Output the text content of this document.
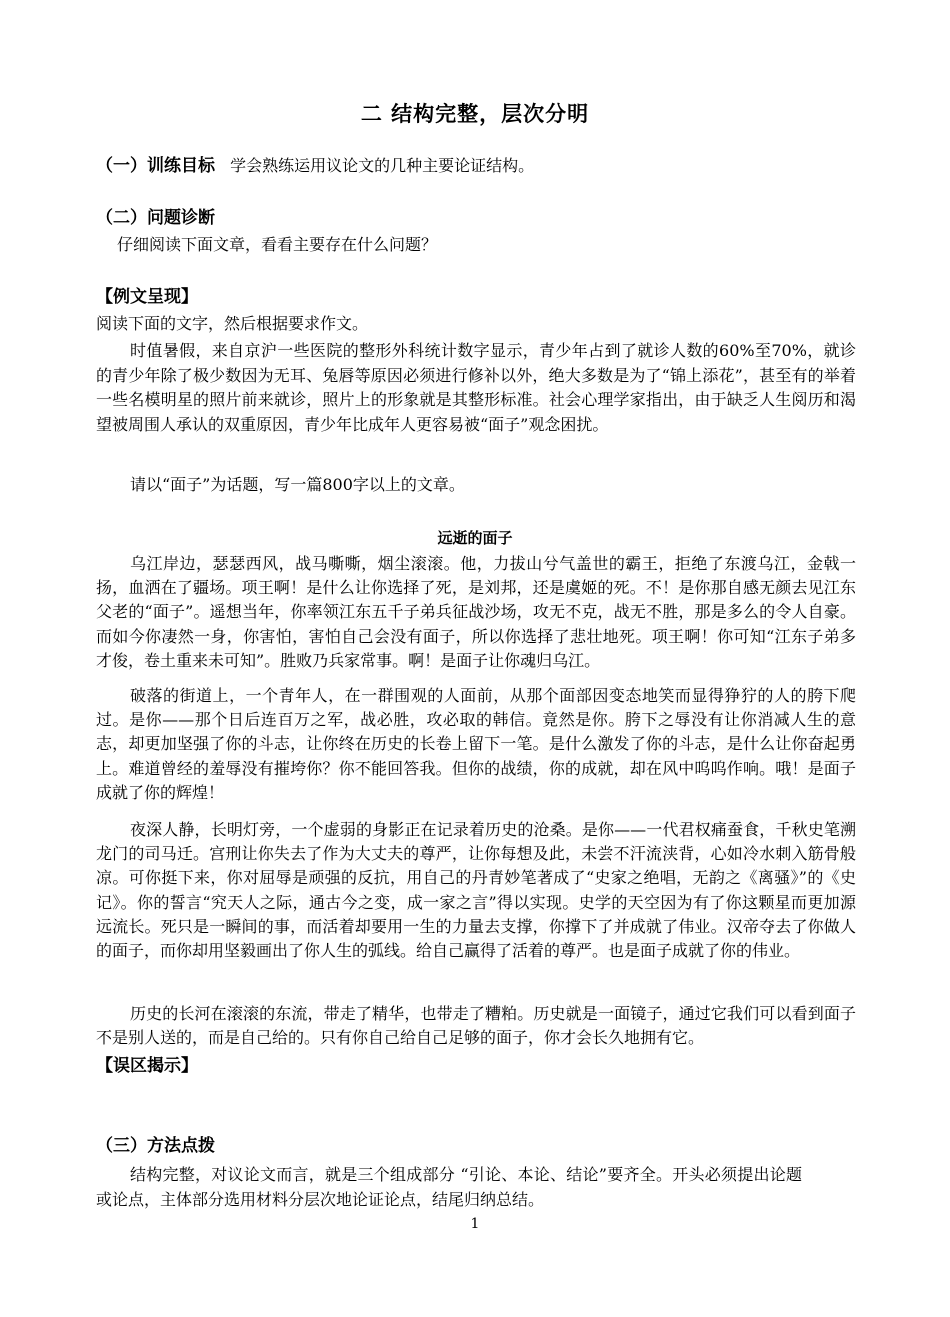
二 结构完整，层次分明
（一）训练目标 学会熟练运用议论文的几种主要论证结构。
（二）问题诊断
仔细阅读下面文章，看看主要存在什么问题？
【例文呈现】
阅读下面的文字，然后根据要求作文。

时值暑假，来自京沪一些医院的整形外科统计数字显示，青少年占到了就诊人数的60%至70%，就诊的青少年除了极少数因为无耳、兔唇等原因必须进行修补以外，绝大多数是为了“锦上添花”，甚至有的举着一些名模明星的照片前来就诊，照片上的形象就是其整形标准。社会心理学家指出，由于缺乏人生阅历和渴望被周围人承认的双重原因，青少年比成年人更容易被“面子”观念困扰。

请以“面子”为话题，写一篇800字以上的文章。

远逝的面子

乌江岸边，瑟瑟西风，战马嘶嘶，烟尘滚滚。他，力拔山兮气盖世的霸王，拒绝了东渡乌江，金戟一扬，血洒在了疆场。项王啊！是什么让你选择了死，是刘邦，还是虞姬的死。不！是你那自感无颜去见江东父老的“面子”。遥想当年，你率领江东五千子弟兵征战沙场，攻无不克，战无不胜，那是多么的令人自豪。而如今你凄然一身，你害怕，害怕自己会没有面子，所以你选择了悲壮地死。项王啊！你可知“江东子弟多才俊，卷土重来未可知”。胜败乃兵家常事。啊！是面子让你魂归乌江。

破落的街道上，一个青年人，在一群围观的人面前，从那个面部因变态地笑而显得狰狞的人的胯下爬过。是你——那个日后连百万之军，战必胜，攻必取的韩信。竟然是你。胯下之辱没有让你消减人生的意志，却更加坚强了你的斗志，让你终在历史的长卷上留下一笔。是什么激发了你的斗志，是什么让你奋起勇上。难道曾经的羞辱没有摧垮你？你不能回答我。但你的战绩，你的成就，却在风中呜呜作响。哦！是面子成就了你的辉煌！

夜深人静，长明灯旁，一个虚弱的身影正在记录着历史的沧桑。是你——一代君权痛蚕食，千秋史笔溯龙门的司马迁。宫刑让你失去了作为大丈夫的尊严，让你每想及此，未尝不汗流浃背，心如冷水刺入筋骨般凉。可你挺下来，你对屈辱是顽强的反抗，用自己的丹青妙笔著成了“史家之绝唱，无韵之《离骚》”的《史记》。你的誓言“究天人之际，通古今之变，成一家之言”得以实现。史学的天空因为有了你这颗星而更加源远流长。死只是一瞬间的事，而活着却要用一生的力量去支撑，你撑下了并成就了伟业。汉帝夺去了你做人的面子，而你却用坚毅画出了你人生的弧线。给自己赢得了活着的尊严。也是面子成就了你的伟业。

历史的长河在滚滚的东流，带走了精华，也带走了糟粕。历史就是一面镜子，通过它我们可以看到面子不是别人送的，而是自己给的。只有你自己给自己足够的面子，你才会长久地拥有它。

【误区揭示】
（三）方法点拨

结构完整，对议论文而言，就是三个组成部分 “引论、本论、结论”要齐全。开头必须提出论题或论点，主体部分选用材料分层次地论证论点，结尾归纳总结。

1
